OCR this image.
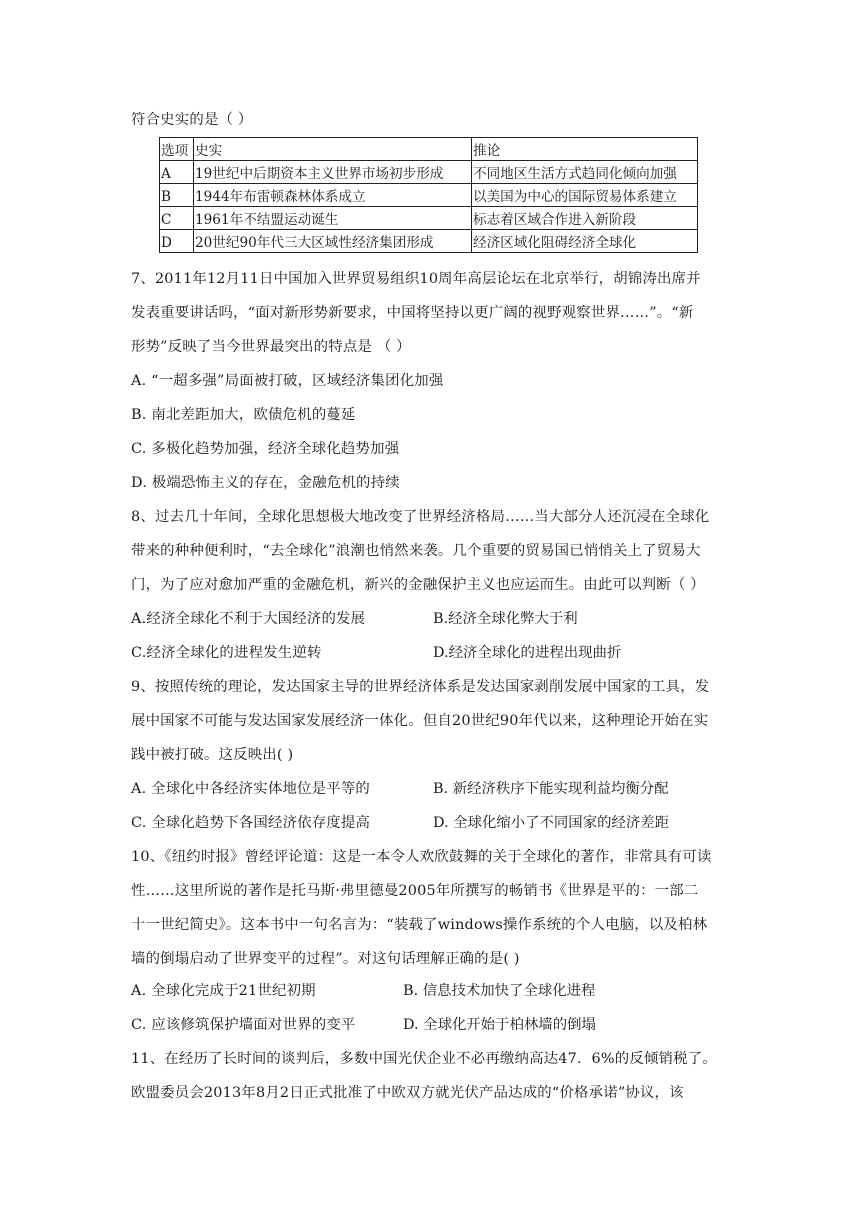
符合史实的是（ ）
选项	史实	推论
A	19世纪中后期资本主义世界市场初步形成	不同地区生活方式趋同化倾向加强
B	1944年布雷顿森林体系成立	以美国为中心的国际贸易体系建立
C	1961年不结盟运动诞生	标志着区域合作进入新阶段
D	20世纪90年代三大区域性经济集团形成	经济区域化阻碍经济全球化
7、2011年12月11日中国加入世界贸易组织10周年高层论坛在北京举行，胡锦涛出席并
发表重要讲话吗，“面对新形势新要求，中国将坚持以更广阔的视野观察世界……”。“新
形势”反映了当今世界最突出的特点是 （ ）
A. “一超多强”局面被打破，区域经济集团化加强
B. 南北差距加大，欧债危机的蔓延
C. 多极化趋势加强，经济全球化趋势加强
D. 极端恐怖主义的存在，金融危机的持续
8、过去几十年间，全球化思想极大地改变了世界经济格局……当大部分人还沉浸在全球化
带来的种种便利时，“去全球化”浪潮也悄然来袭。几个重要的贸易国已悄悄关上了贸易大
门，为了应对愈加严重的金融危机，新兴的金融保护主义也应运而生。由此可以判断（ ）
A.经济全球化不利于大国经济的发展	B.经济全球化弊大于利
C.经济全球化的进程发生逆转	D.经济全球化的进程出现曲折
9、按照传统的理论，发达国家主导的世界经济体系是发达国家剥削发展中国家的工具，发
展中国家不可能与发达国家发展经济一体化。但自20世纪90年代以来，这种理论开始在实
践中被打破。这反映出( )
A. 全球化中各经济实体地位是平等的	B. 新经济秩序下能实现利益均衡分配
C. 全球化趋势下各国经济依存度提高	D. 全球化缩小了不同国家的经济差距
10、《纽约时报》曾经评论道：这是一本令人欢欣鼓舞的关于全球化的著作，非常具有可读
性……这里所说的著作是托马斯·弗里德曼2005年所撰写的畅销书《世界是平的：一部二
十一世纪简史》。这本书中一句名言为：“装载了windows操作系统的个人电脑，以及柏林
墙的倒塌启动了世界变平的过程”。对这句话理解正确的是( )
A. 全球化完成于21世纪初期	B. 信息技术加快了全球化进程
C. 应该修筑保护墙面对世界的变平	D. 全球化开始于柏林墙的倒塌
11、在经历了长时间的谈判后，多数中国光伏企业不必再缴纳高达47．6%的反倾销税了。
欧盟委员会2013年8月2日正式批准了中欧双方就光伏产品达成的“价格承诺”协议，该
